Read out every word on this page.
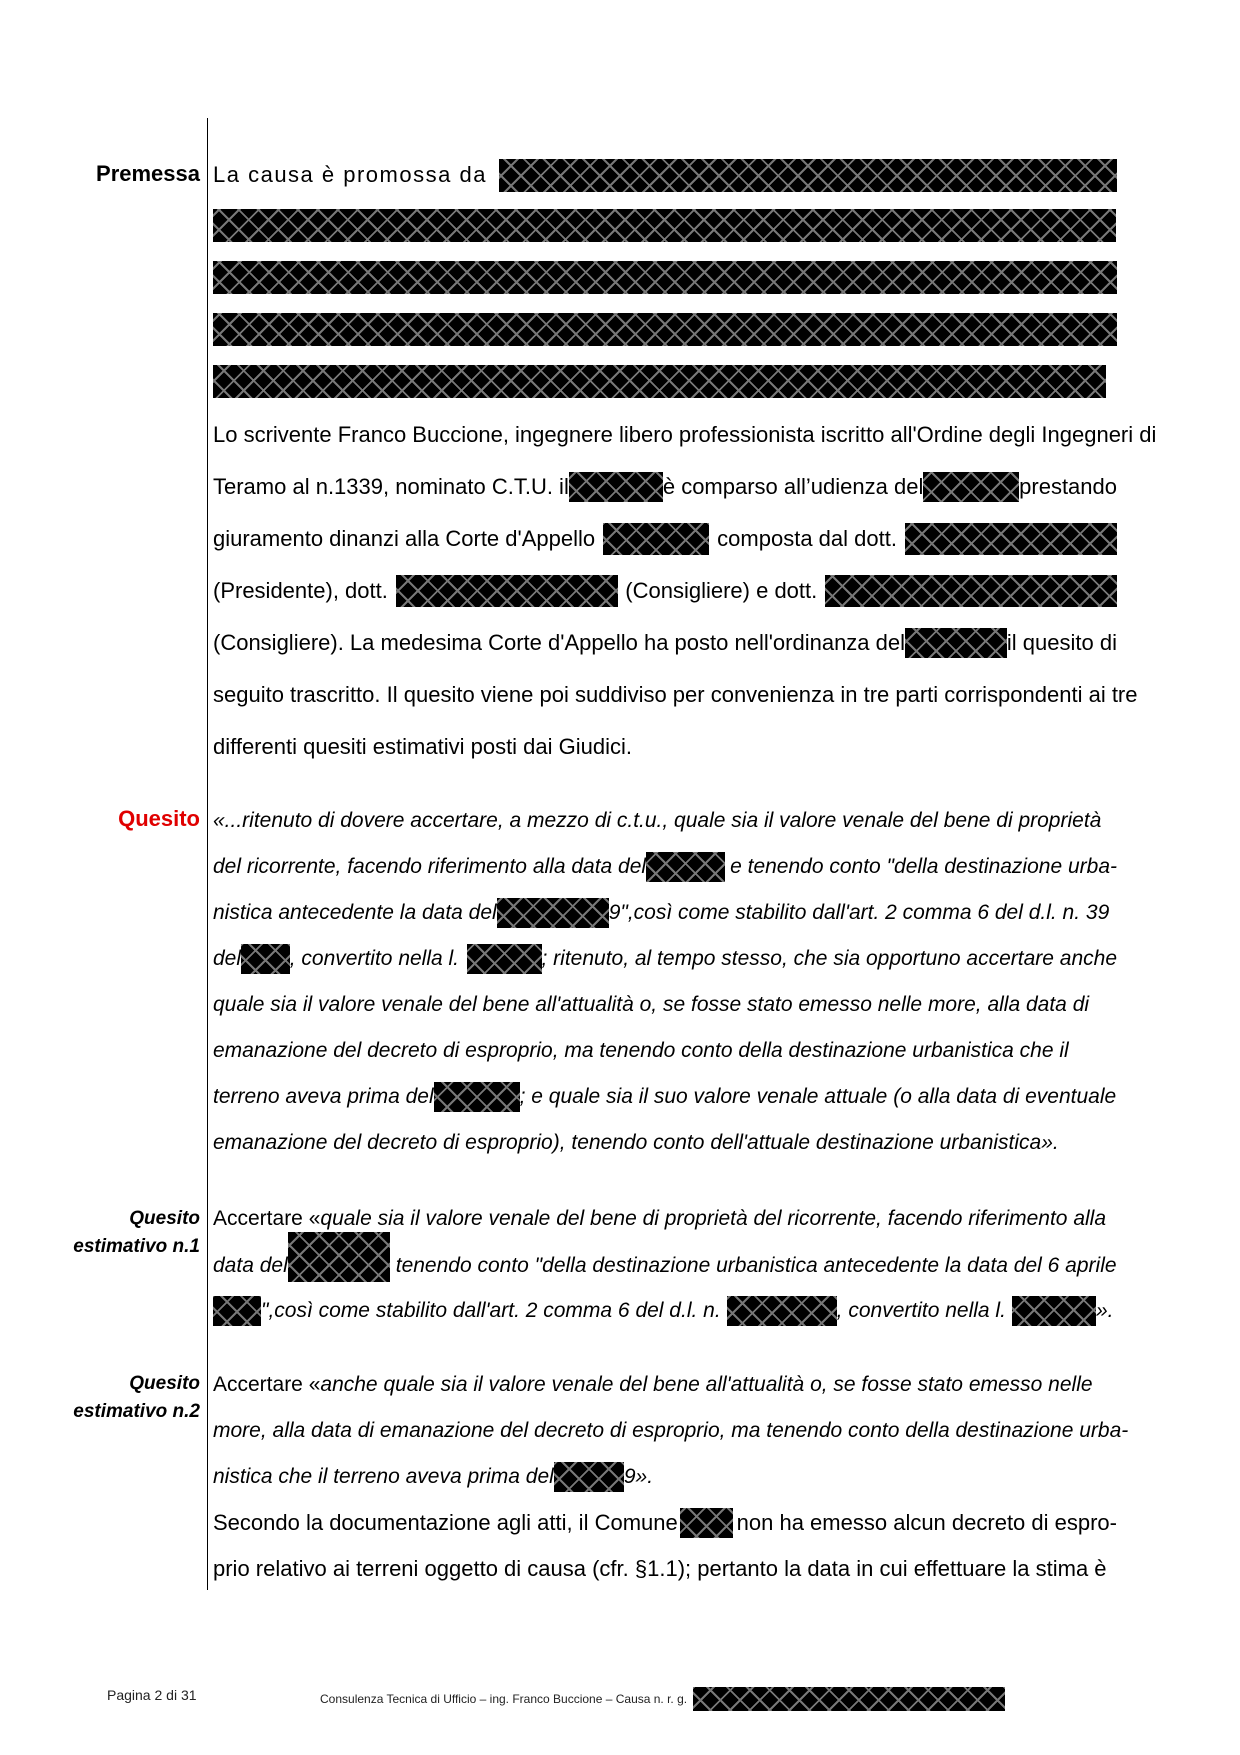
Premessa
Quesito
Quesito
estimativo n.1
Quesito
estimativo n.2
La causa è promossa da
Lo scrivente Franco Buccione, ingegnere libero professionista iscritto all'Ordine degli Ingegneri di
Teramo al n.1339, nominato C.T.U. il	è comparso all’udienza del	prestando
giuramento dinanzi alla Corte d'Appello	composta dal dott.
(Presidente), dott.	(Consigliere) e dott.
(Consigliere). La medesima Corte d'Appello ha posto nell'ordinanza del	il quesito di
seguito trascritto. Il quesito viene poi suddiviso per convenienza in tre parti corrispondenti ai tre
differenti quesiti estimativi posti dai Giudici.
«...ritenuto di dovere accertare, a mezzo di c.t.u., quale sia il valore venale del bene di proprietà
del ricorrente, facendo riferimento alla data del	e tenendo conto "della destinazione urba-
nistica antecedente la data del	9",così come stabilito dall'art. 2 comma 6 del d.l. n. 39
del , convertito nella l.	; ritenuto, al tempo stesso, che sia opportuno accertare anche
quale sia il valore venale del bene all'attualità o, se fosse stato emesso nelle more, alla data di
emanazione del decreto di esproprio, ma tenendo conto della destinazione urbanistica che il
terreno aveva prima del	; e quale sia il suo valore venale attuale (o alla data di eventuale
emanazione del decreto di esproprio), tenendo conto dell'attuale destinazione urbanistica».
Accertare « quale sia il valore venale del bene di proprietà del ricorrente, facendo riferimento alla
data del	tenendo conto "della destinazione urbanistica antecedente la data del 6 aprile
",così come stabilito dall'art. 2 comma 6 del d.l. n.	, convertito nella l.	».
Accertare « anche quale sia il valore venale del bene all'attualità o, se fosse stato emesso nelle
more, alla data di emanazione del decreto di esproprio, ma tenendo conto della destinazione urba-
nistica che il terreno aveva prima del	9».
Secondo la documentazione agli atti, il Comune	non ha emesso alcun decreto di espro-
prio relativo ai terreni oggetto di causa (cfr. §1.1); pertanto la data in cui effettuare la stima è
Pagina 2 di 31	Consulenza Tecnica di Ufficio – ing. Franco Buccione – Causa n. r. g.
